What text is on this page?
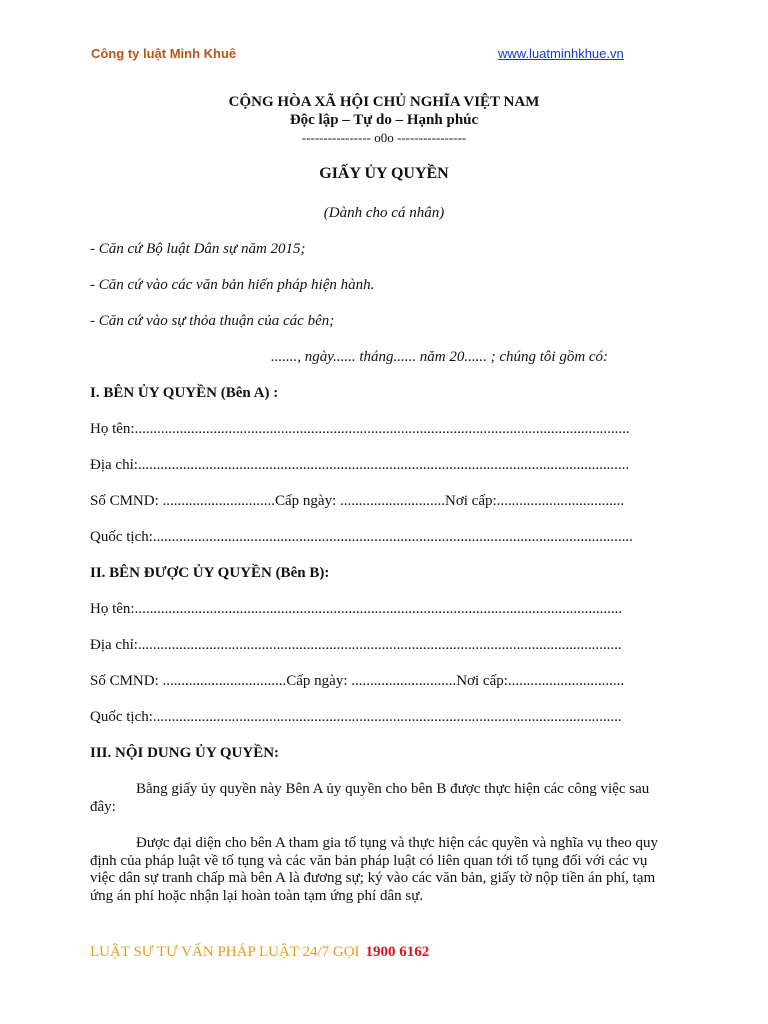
Công ty luật Minh Khuê	www.luatminhkhue.vn
CỘNG HÒA XÃ HỘI CHỦ NGHĨA VIỆT NAM
Độc lập – Tự do – Hạnh phúc
---------------- o0o ----------------
GIẤY ỦY QUYỀN
(Dành cho cá nhân)
- Căn cứ Bộ luật Dân sự năm 2015;
- Căn cứ vào các văn bản hiến pháp hiện hành.
- Căn cứ vào sự thỏa thuận của các bên;
......., ngày...... tháng...... năm 20...... ; chúng tôi gồm có:
I. BÊN ỦY QUYỀN (Bên A) :
Họ tên:....................................................................................................................................
Địa chỉ:...................................................................................................................................
Số CMND: ..............................Cấp ngày: ............................Nơi cấp:..................................
Quốc tịch:................................................................................................................................
II. BÊN ĐƯỢC ỦY QUYỀN (Bên B):
Họ tên:..................................................................................................................................
Địa chỉ:.................................................................................................................................
Số CMND: .................................Cấp ngày: ............................Nơi cấp:...............................
Quốc tịch:.............................................................................................................................
III. NỘI DUNG ỦY QUYỀN:
Bằng giấy ủy quyền này Bên A ủy quyền cho bên B được thực hiện các công việc sau đây:
Được đại diện cho bên A tham gia tố tụng và thực hiện các quyền và nghĩa vụ theo quy định của pháp luật về tố tụng và các văn bản pháp luật có liên quan tới tố tụng đối với các vụ việc dân sự tranh chấp mà bên A là đương sự; ký vào các văn bản, giấy tờ nộp tiền án phí, tạm ứng án phí hoặc nhận lại hoàn toàn tạm ứng phí dân sự.
LUẬT SƯ TƯ VẤN PHÁP LUẬT 24/7 GỌI 1900 6162
